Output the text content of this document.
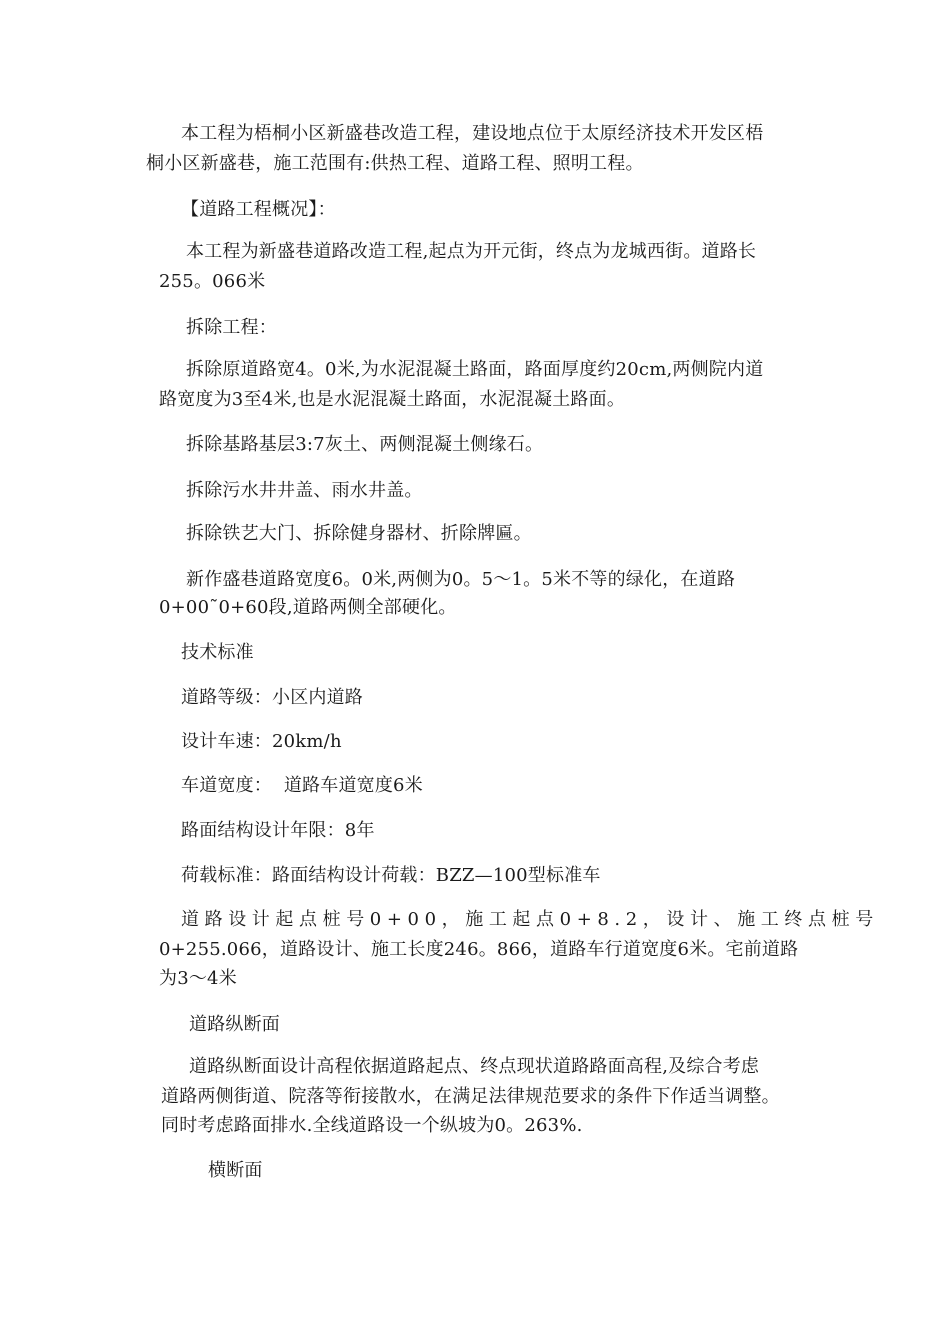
本工程为梧桐小区新盛巷改造工程，建设地点位于太原经济技术开发区梧
桐小区新盛巷，施工范围有:供热工程、道路工程、照明工程。
【道路工程概况】：
本工程为新盛巷道路改造工程,起点为开元街，终点为龙城西街。道路长
255。066米
拆除工程：
拆除原道路宽4。0米,为水泥混凝土路面，路面厚度约20cm,两侧院内道
路宽度为3至4米,也是水泥混凝土路面，水泥混凝土路面。
拆除基路基层3:7灰土、两侧混凝土侧缘石。
拆除污水井井盖、雨水井盖。
拆除铁艺大门、拆除健身器材、折除牌匾。
新作盛巷道路宽度6。0米,两侧为0。5～1。5米不等的绿化，在道路
0+00˜0+60段,道路两侧全部硬化。
技术标准
道路等级：小区内道路
设计车速：20km/h
车道宽度：  道路车道宽度6米
路面结构设计年限：8年
荷载标准：路面结构设计荷载：BZZ—100型标准车
道路设计起点桩号0+00，施工起点0+8.2，设计、施工终点桩号
0+255.066，道路设计、施工长度246。866，道路车行道宽度6米。宅前道路
为3～4米
道路纵断面
道路纵断面设计高程依据道路起点、终点现状道路路面高程,及综合考虑
道路两侧街道、院落等衔接散水，在满足法律规范要求的条件下作适当调整。
同时考虑路面排水.全线道路设一个纵坡为0。263%.
横断面
